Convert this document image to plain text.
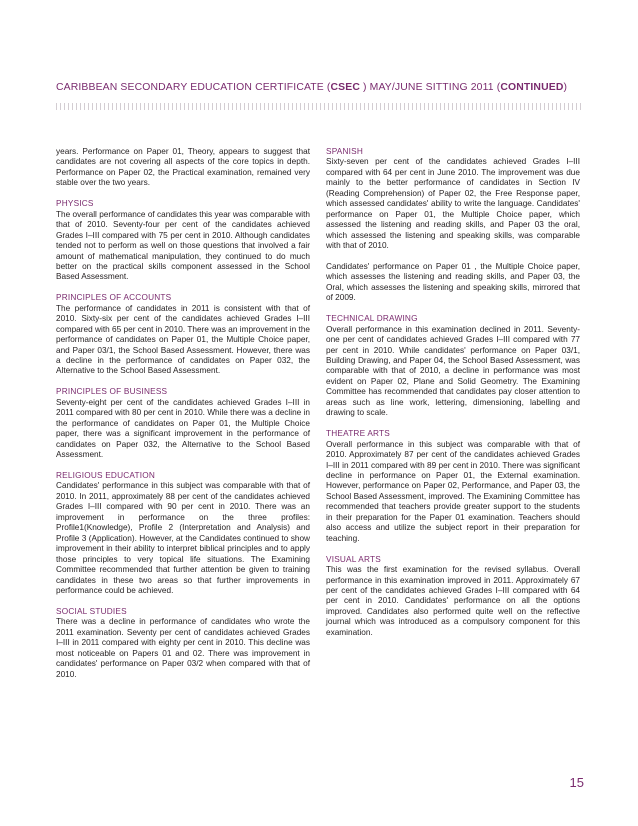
CARIBBEAN SECONDARY EDUCATION CERTIFICATE (CSEC ) MAY/JUNE SITTING 2011 (CONTINUED)

years. Performance on Paper 01, Theory, appears to suggest that candidates are not covering all aspects of the core topics in depth. Performance on Paper 02, the Practical examination, remained very stable over the two years.

PHYSICS

The overall performance of candidates this year was comparable with that of 2010. Seventy-four per cent of the candidates achieved Grades I–III compared with 75 per cent in 2010. Although candidates tended not to perform as well on those questions that involved a fair amount of mathematical manipulation, they continued to do much better on the practical skills component assessed in the School Based Assessment.

PRINCIPLES OF ACCOUNTS

The performance of candidates in 2011 is consistent with that of 2010. Sixty-six per cent of the candidates achieved Grades I–III compared with 65 per cent in 2010. There was an improvement in the performance of candidates on Paper 01, the Multiple Choice paper, and Paper 03/1, the School Based Assessment. However, there was a decline in the performance of candidates on Paper 032, the Alternative to the School Based Assessment.

PRINCIPLES OF BUSINESS

Seventy-eight per cent of the candidates achieved Grades I–III in 2011 compared with 80 per cent in 2010. While there was a decline in the performance of candidates on Paper 01, the Multiple Choice paper, there was a significant improvement in the performance of candidates on Paper 032, the Alternative to the School Based Assessment.

RELIGIOUS EDUCATION

Candidates' performance in this subject was comparable with that of 2010. In 2011, approximately 88 per cent of the candidates achieved Grades I–III compared with 90 per cent in 2010. There was an improvement in performance on the three profiles: Profile1(Knowledge), Profile 2 (Interpretation and Analysis) and Profile 3 (Application). However, at the Candidates continued to show improvement in their ability to interpret biblical principles and to apply those principles to very topical life situations. The Examining Committee recommended that further attention be given to training candidates in these two areas so that further improvements in performance could be achieved.

SOCIAL STUDIES

There was a decline in performance of candidates who wrote the 2011 examination. Seventy per cent of candidates achieved Grades I–III in 2011 compared with eighty per cent in 2010. This decline was most noticeable on Papers 01 and 02. There was improvement in candidates' performance on Paper 03/2 when compared with that of 2010.

SPANISH

Sixty-seven per cent of the candidates achieved Grades I–III compared with 64 per cent in June 2010. The improvement was due mainly to the better performance of candidates in Section IV (Reading Comprehension) of Paper 02, the Free Response paper, which assessed candidates' ability to write the language. Candidates' performance on Paper 01, the Multiple Choice paper, which assessed the listening and reading skills, and Paper 03 the oral, which assessed the listening and speaking skills, was comparable with that of 2010.

Candidates' performance on Paper 01 , the Multiple Choice paper, which assesses the listening and reading skills, and Paper 03, the Oral, which assesses the listening and speaking skills, mirrored that of 2009.

TECHNICAL DRAWING

Overall performance in this examination declined in 2011. Seventy-one per cent of candidates achieved Grades I–III compared with 77 per cent in 2010. While candidates' performance on Paper 03/1, Building Drawing, and Paper 04, the School Based Assessment, was comparable with that of 2010, a decline in performance was most evident on Paper 02, Plane and Solid Geometry. The Examining Committee has recommended that candidates pay closer attention to areas such as line work, lettering, dimensioning, labelling and drawing to scale.

THEATRE ARTS

Overall performance in this subject was comparable with that of 2010. Approximately 87 per cent of the candidates achieved Grades I–III in 2011 compared with 89 per cent in 2010. There was significant decline in performance on Paper 01, the External examination. However, performance on Paper 02, Performance, and Paper 03, the School Based Assessment, improved. The Examining Committee has recommended that teachers provide greater support to the students in their preparation for the Paper 01 examination. Teachers should also access and utilize the subject report in their preparation for teaching.

VISUAL ARTS

This was the first examination for the revised syllabus. Overall performance in this examination improved in 2011. Approximately 67 per cent of the candidates achieved Grades I–III compared with 64 per cent in 2010. Candidates' performance on all the options improved. Candidates also performed quite well on the reflective journal which was introduced as a compulsory component for this examination.

15
